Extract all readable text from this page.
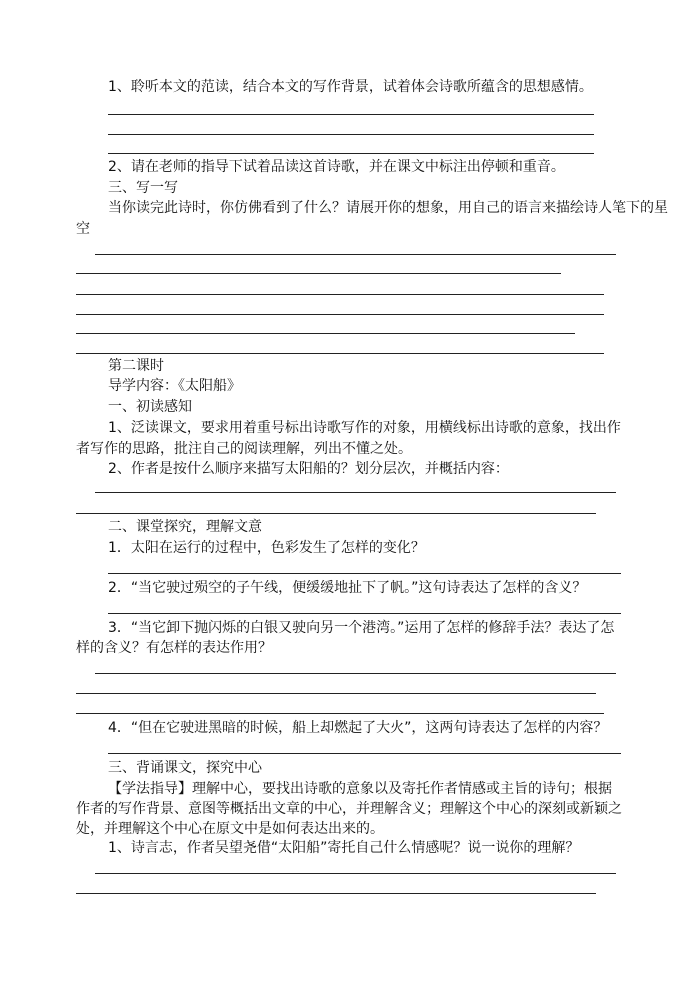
1、聆听本文的范读，结合本文的写作背景，试着体会诗歌所蕴含的思想感情。

2、请在老师的指导下试着品读这首诗歌，并在课文中标注出停顿和重音。

三、写一写

当你读完此诗时，你仿佛看到了什么？请展开你的想象，用自己的语言来描绘诗人笔下的星

空

第二课时

导学内容：《太阳船》

一、初读感知

1、泛读课文，要求用着重号标出诗歌写作的对象，用横线标出诗歌的意象，找出作者写作的思路，批注自己的阅读理解，列出不懂之处。

2、作者是按什么顺序来描写太阳船的？划分层次，并概括内容：

二、课堂探究，理解文意

1．太阳在运行的过程中，色彩发生了怎样的变化？

2．“当它驶过殒空的子午线，便缓缓地扯下了帆。”这句诗表达了怎样的含义？

3．“当它卸下抛闪烁的白银又驶向另一个港湾。”运用了怎样的修辞手法？表达了怎样的含义？有怎样的表达作用？

4．“但在它驶进黑暗的时候，船上却燃起了大火”，这两句诗表达了怎样的内容？

三、背诵课文，探究中心

【学法指导】理解中心，要找出诗歌的意象以及寄托作者情感或主旨的诗句；根据作者的写作背景、意图等概括出文章的中心，并理解含义；理解这个中心的深刻或新颖之处，并理解这个中心在原文中是如何表达出来的。

1、诗言志，作者吴望尧借“太阳船”寄托自己什么情感呢？说一说你的理解？
